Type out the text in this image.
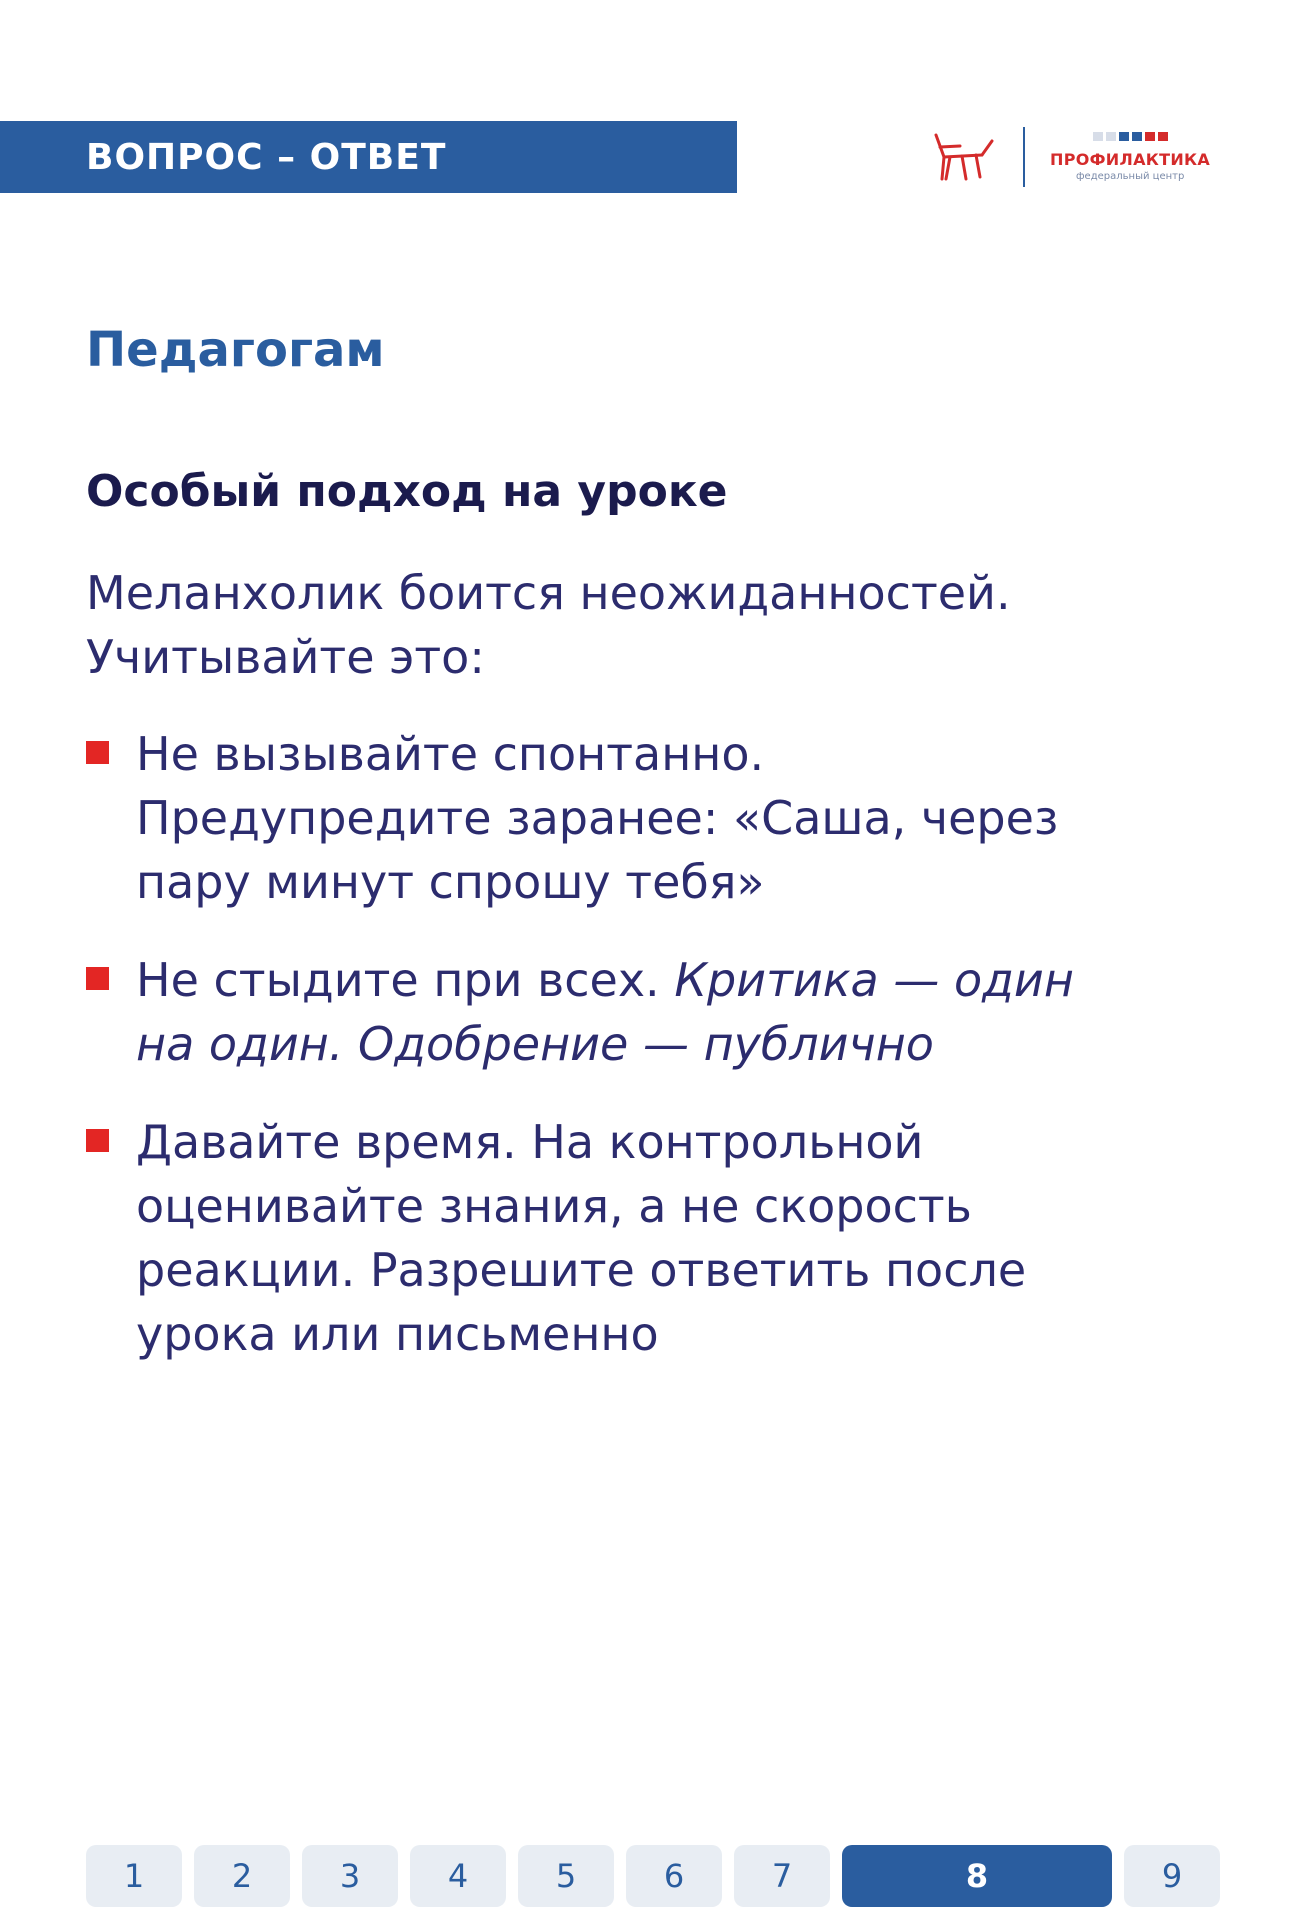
ВОПРОС – ОТВЕТ	ПРОФИЛАКТИКА
федеральный центр
Педагогам
Особый подход на уроке

Меланхолик боится неожиданностей.
Учитывайте это:

Не вызывайте спонтанно.
Предупредите заранее: «Саша, через
пару минут спрошу тебя»
Не стыдите при всех. Критика — один
на один. Одобрение — публично
Давайте время. На контрольной
оценивайте знания, а не скорость
реакции. Разрешите ответить после
урока или письменно
1	2	3	4	5	6	7	8	9
